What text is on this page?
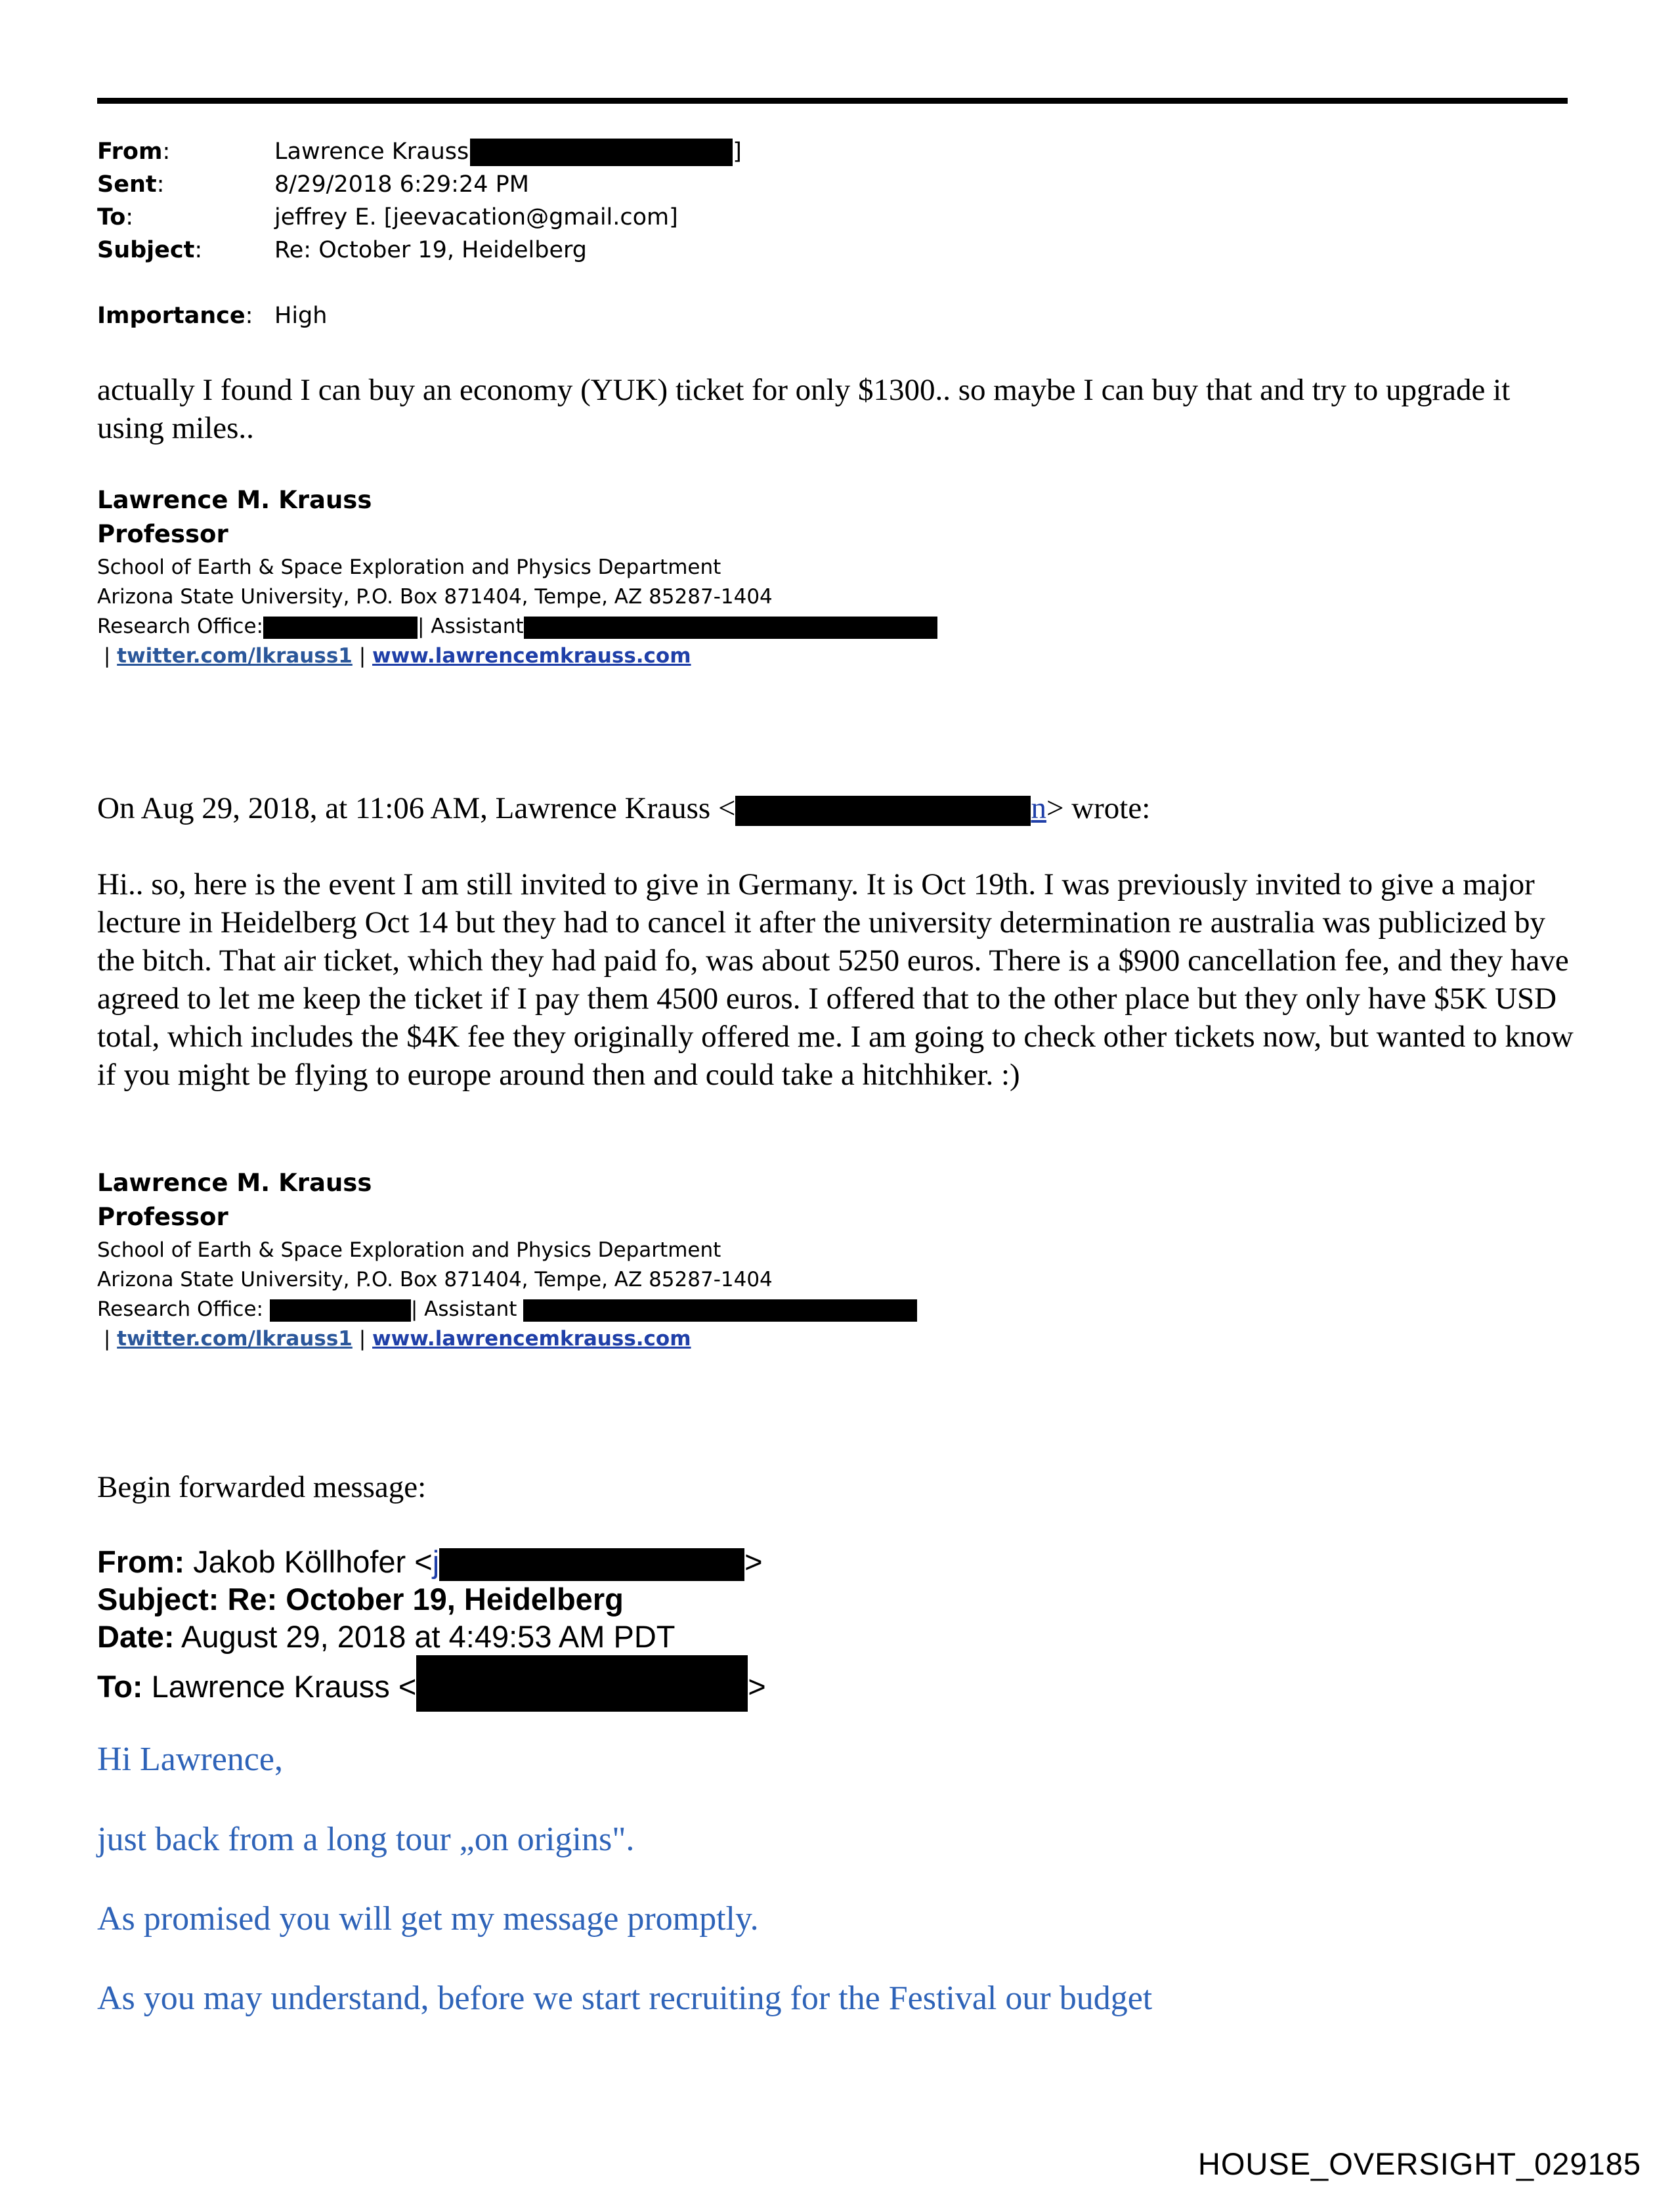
From:	Lawrence Krauss	]
Sent:	8/29/2018 6:29:24 PM
To:	jeffrey E. [jeevacation@gmail.com]
Subject:	Re: October 19, Heidelberg
Importance: High
actually I found I can buy an economy (YUK) ticket for only $1300.. so maybe I can buy that and try to upgrade it using miles..
Lawrence M. Krauss
Professor
School of Earth & Space Exploration and Physics Department
Arizona State University, P.O. Box 871404, Tempe, AZ 85287-1404
Research Office:	| Assistant
| twitter.com/lkrauss1 | www.lawrencemkrauss.com
On Aug 29, 2018, at 11:06 AM, Lawrence Krauss <	n> wrote:
Hi.. so, here is the event I am still invited to give in Germany. It is Oct 19th. I was previously invited to give a major lecture in Heidelberg Oct 14 but they had to cancel it after the university determination re australia was publicized by the bitch. That air ticket, which they had paid fo, was about 5250 euros. There is a $900 cancellation fee, and they have agreed to let me keep the ticket if I pay them 4500 euros. I offered that to the other place but they only have $5K USD total, which includes the $4K fee they originally offered me. I am going to check other tickets now, but wanted to know if you might be flying to europe around then and could take a hitchhiker. :)
Lawrence M. Krauss
Professor
School of Earth & Space Exploration and Physics Department
Arizona State University, P.O. Box 871404, Tempe, AZ 85287-1404
Research Office:	| Assistant
| twitter.com/lkrauss1 | www.lawrencemkrauss.com
Begin forwarded message:
From: Jakob Köllhofer <j	>
Subject: Re: October 19, Heidelberg
Date: August 29, 2018 at 4:49:53 AM PDT
To: Lawrence Krauss <	>
Hi Lawrence,
just back from a long tour „on origins".
As promised you will get my message promptly.
As you may understand, before we start recruiting for the Festival our budget
HOUSE_OVERSIGHT_029185
